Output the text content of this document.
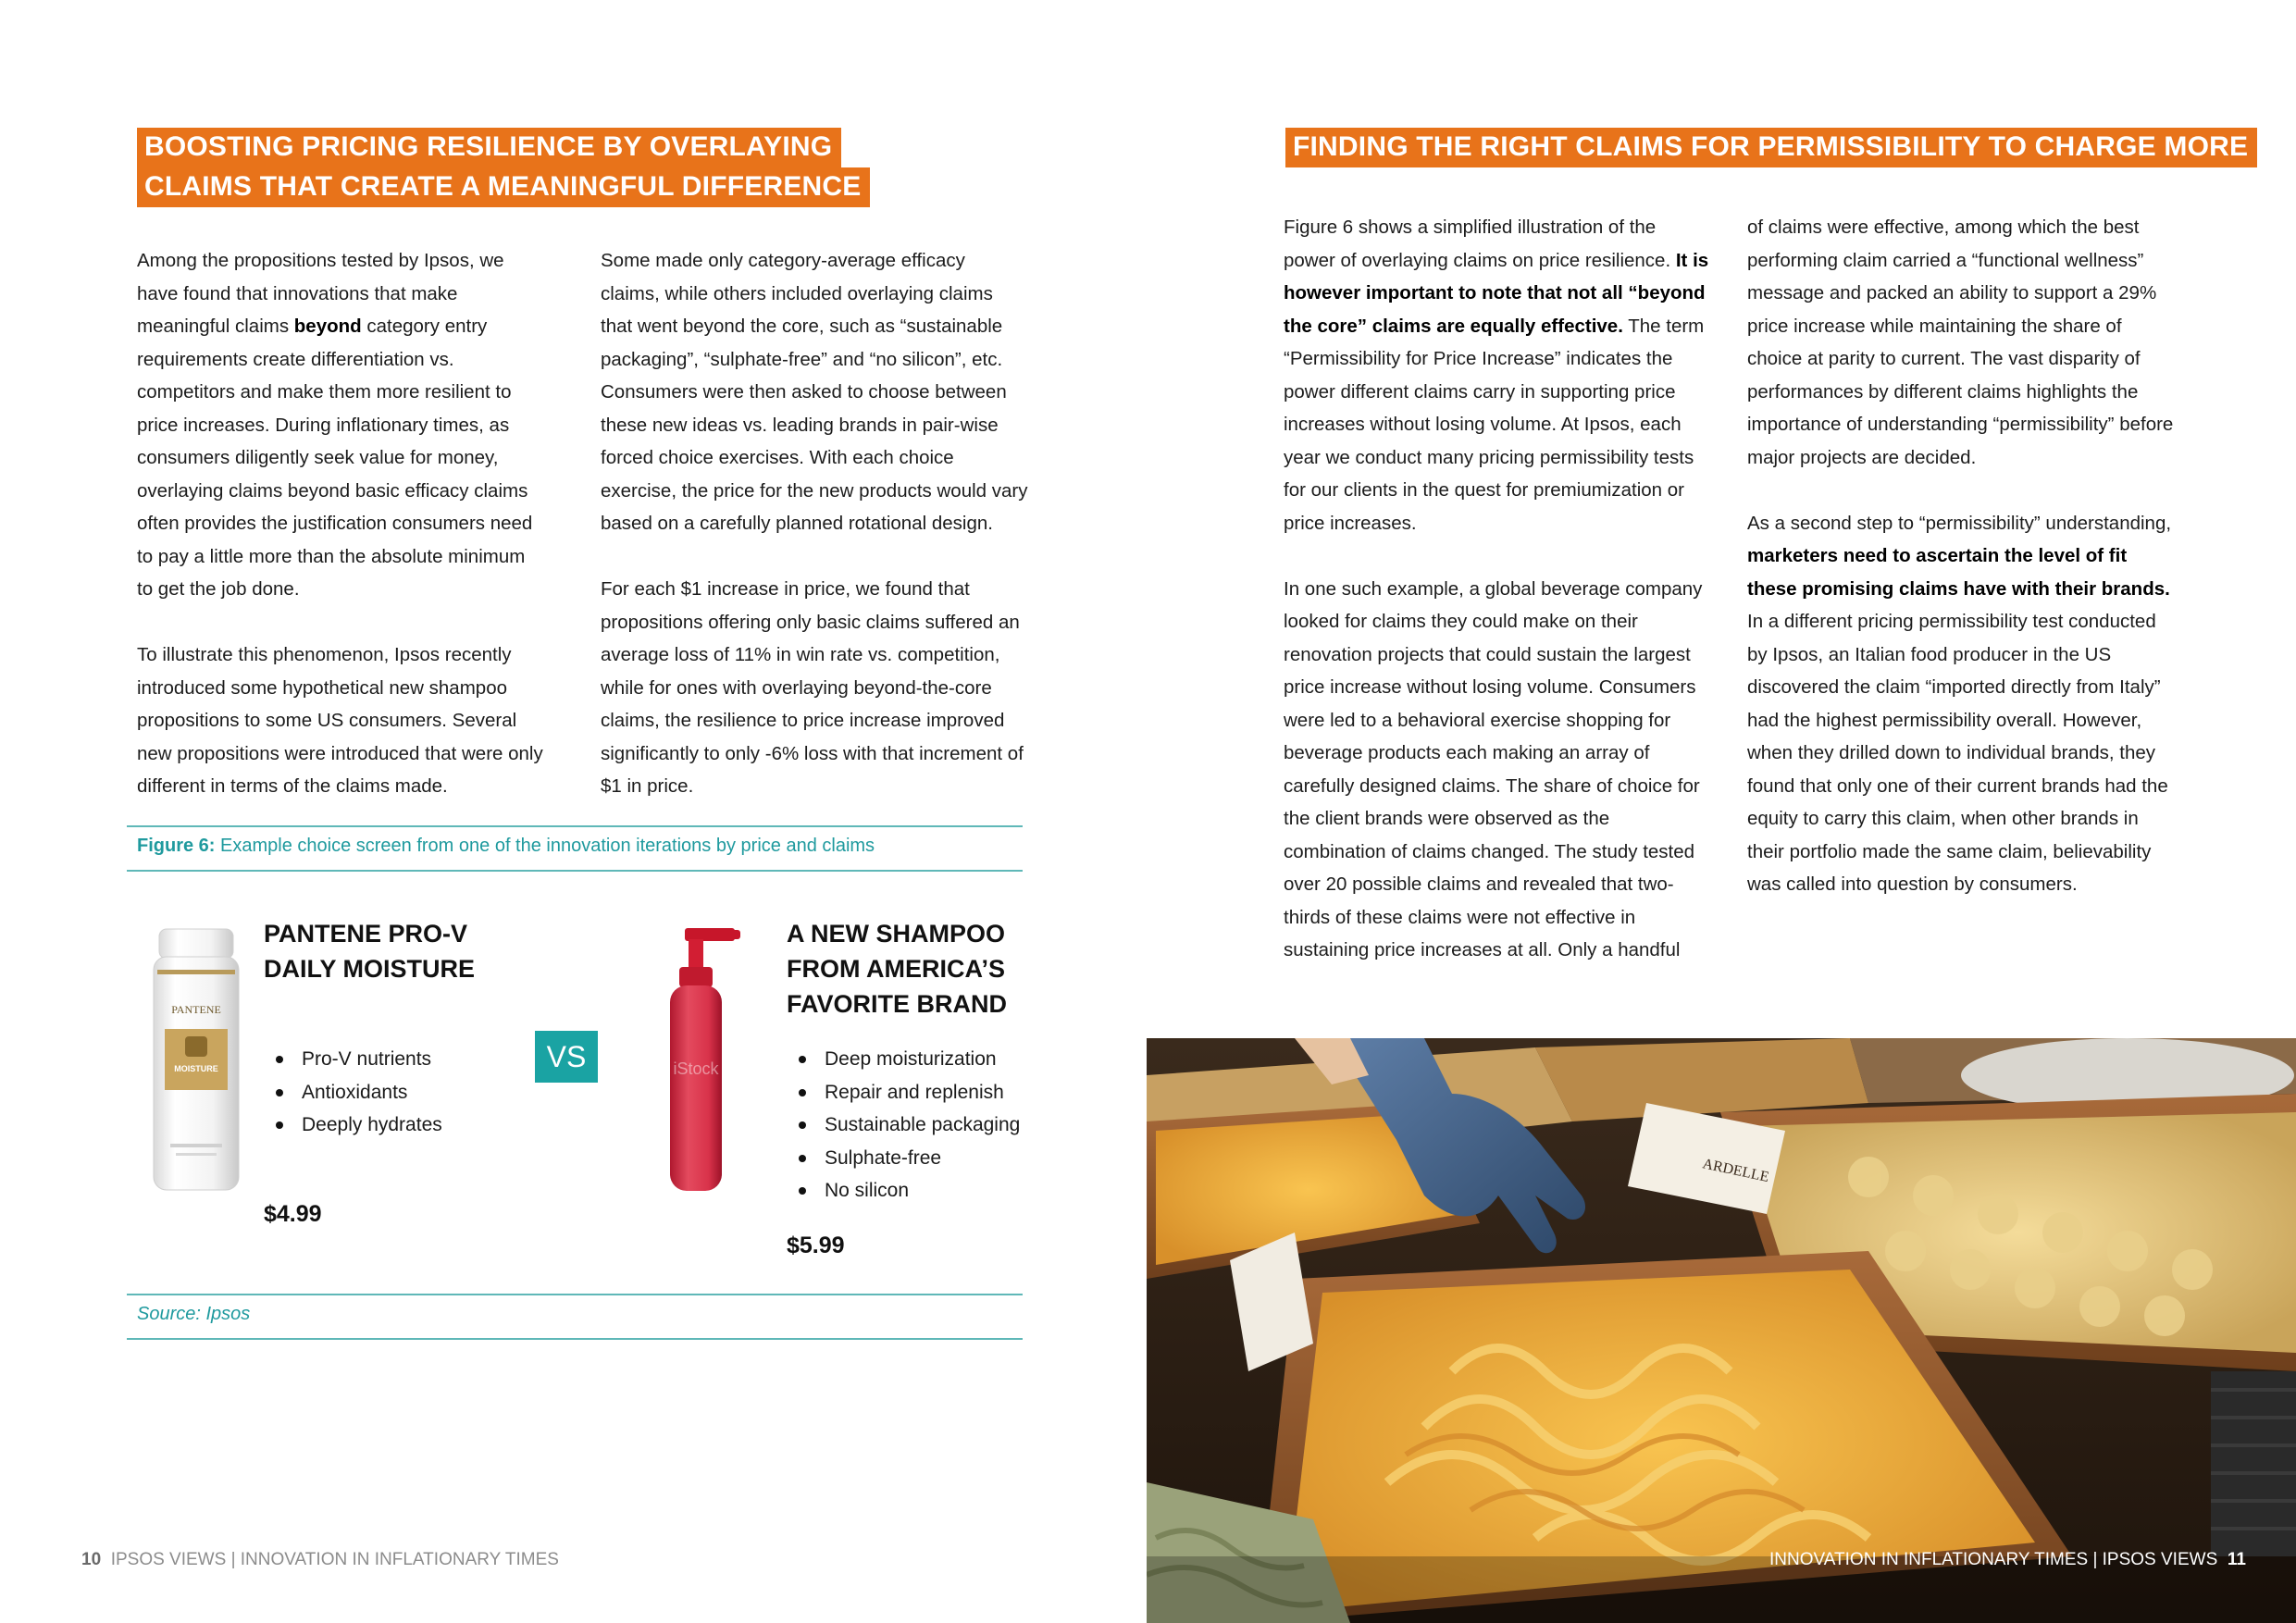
BOOSTING PRICING RESILIENCE BY OVERLAYING
CLAIMS THAT CREATE A MEANINGFUL DIFFERENCE

Among the propositions tested by Ipsos, we have found that innovations that make meaningful claims beyond category entry requirements create differentiation vs. competitors and make them more resilient to price increases. During inflationary times, as consumers diligently seek value for money, overlaying claims beyond basic efficacy claims often provides the justification consumers need to pay a little more than the absolute minimum to get the job done.

To illustrate this phenomenon, Ipsos recently introduced some hypothetical new shampoo propositions to some US consumers. Several new propositions were introduced that were only different in terms of the claims made.

Some made only category-average efficacy claims, while others included overlaying claims that went beyond the core, such as “sustainable packaging”, “sulphate-free” and “no silicon”, etc. Consumers were then asked to choose between these new ideas vs. leading brands in pair-wise forced choice exercises. With each choice exercise, the price for the new products would vary based on a carefully planned rotational design.

For each $1 increase in price, we found that propositions offering only basic claims suffered an average loss of 11% in win rate vs. competition, while for ones with overlaying beyond-the-core claims, the resilience to price increase improved significantly to only -6% loss with that increment of $1 in price.

Figure 6: Example choice screen from one of the innovation iterations by price and claims
PANTENE
MOISTURE
PANTENE PRO-V
DAILY MOISTURE
Pro-V nutrients
Antioxidants
Deeply hydrates
$4.99
VS	iStock
A NEW SHAMPOO
FROM AMERICA’S
FAVORITE BRAND
Deep moisturization
Repair and replenish
Sustainable packaging
Sulphate-free
No silicon
$5.99
Source: Ipsos
FINDING THE RIGHT CLAIMS FOR PERMISSIBILITY TO CHARGE MORE

Figure 6 shows a simplified illustration of the power of overlaying claims on price resilience. It is however important to note that not all “beyond the core” claims are equally effective. The term “Permissibility for Price Increase” indicates the power different claims carry in supporting price increases without losing volume. At Ipsos, each year we conduct many pricing permissibility tests for our clients in the quest for premiumization or price increases.

In one such example, a global beverage company looked for claims they could make on their renovation projects that could sustain the largest price increase without losing volume. Consumers were led to a behavioral exercise shopping for beverage products each making an array of carefully designed claims. The share of choice for the client brands were observed as the combination of claims changed. The study tested over 20 possible claims and revealed that two-thirds of these claims were not effective in sustaining price increases at all. Only a handful

of claims were effective, among which the best performing claim carried a “functional wellness” message and packed an ability to support a 29% price increase while maintaining the share of choice at parity to current. The vast disparity of performances by different claims highlights the importance of understanding “permissibility” before major projects are decided.

As a second step to “permissibility” understanding, marketers need to ascertain the level of fit these promising claims have with their brands. In a different pricing permissibility test conducted by Ipsos, an Italian food producer in the US discovered the claim “imported directly from Italy” had the highest permissibility overall. However, when they drilled down to individual brands, they found that only one of their current brands had the equity to carry this claim, when other brands in their portfolio made the same claim, believability was called into question by consumers.

ARDELLE
10 IPSOS VIEWS | INNOVATION IN INFLATIONARY TIMES	INNOVATION IN INFLATIONARY TIMES | IPSOS VIEWS 11
